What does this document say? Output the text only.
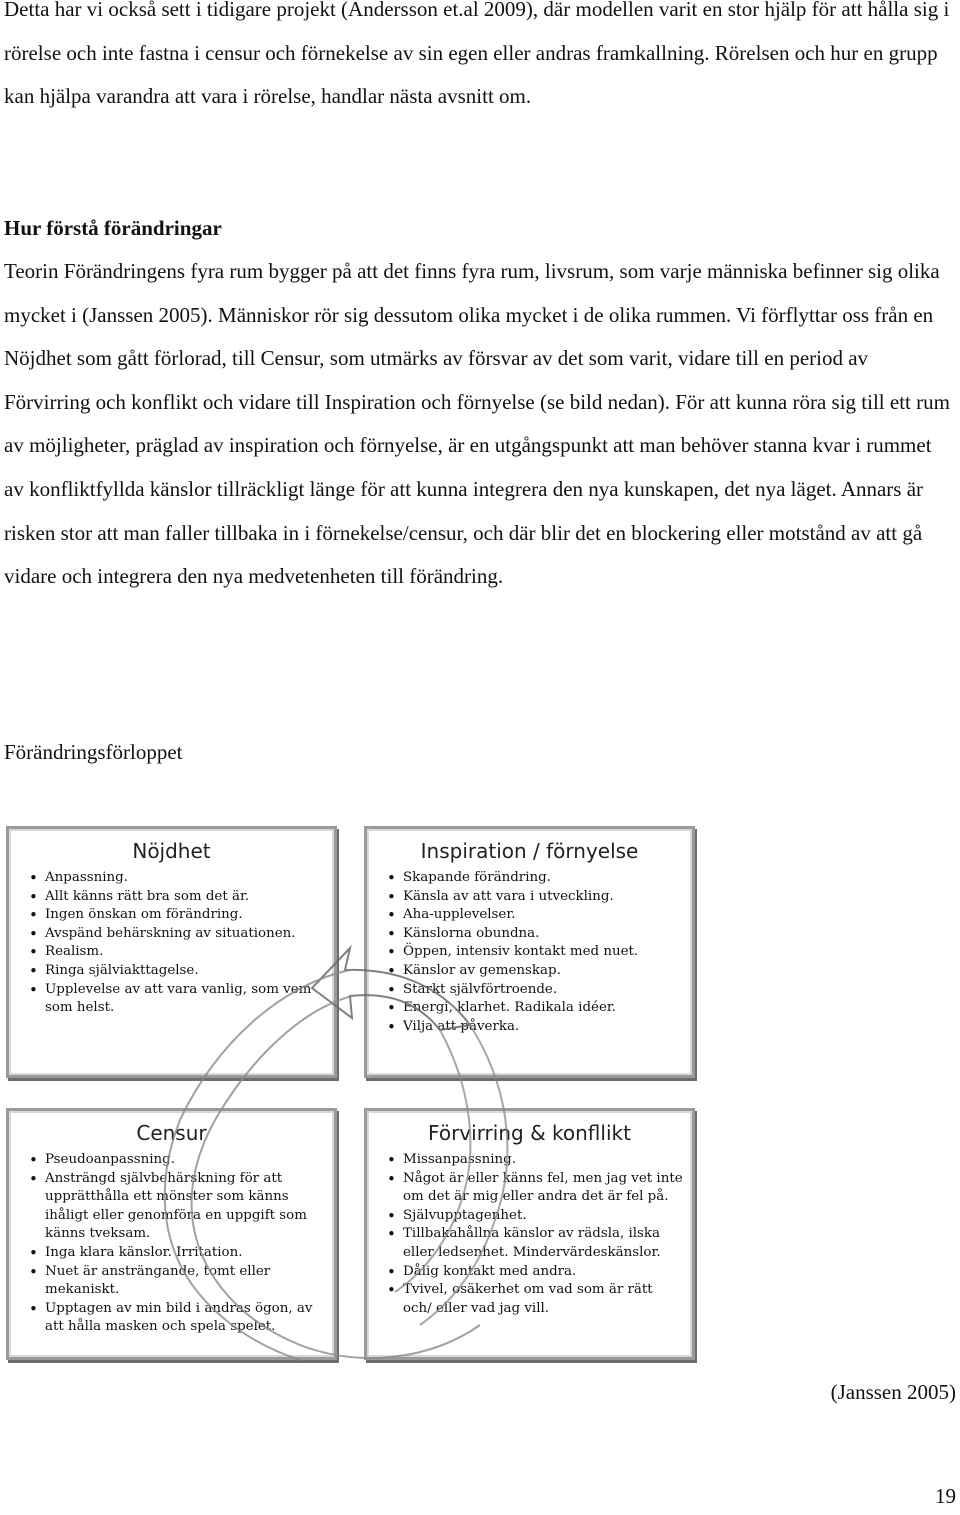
Detta har vi också sett i tidigare projekt (Andersson et.al 2009), där modellen varit en stor hjälp för att hålla sig i rörelse och inte fastna i censur och förnekelse av sin egen eller andras framkallning. Rörelsen och hur en grupp kan hjälpa varandra att vara i rörelse, handlar nästa avsnitt om.

Hur förstå förändringar

Teorin Förändringens fyra rum bygger på att det finns fyra rum, livsrum, som varje människa befinner sig olika mycket i (Janssen 2005). Människor rör sig dessutom olika mycket i de olika rummen. Vi förflyttar oss från en Nöjdhet som gått förlorad, till Censur, som utmärks av försvar av det som varit, vidare till en period av Förvirring och konflikt och vidare till Inspiration och förnyelse (se bild nedan). För att kunna röra sig till ett rum av möjligheter, präglad av inspiration och förnyelse, är en utgångspunkt att man behöver stanna kvar i rummet av konfliktfyllda känslor tillräckligt länge för att kunna integrera den nya kunskapen, det nya läget. Annars är risken stor att man faller tillbaka in i förnekelse/censur, och där blir det en blockering eller motstånd av att gå vidare och integrera den nya medvetenheten till förändring.

Förändringsförloppet

Nöjdhet
• Anpassning.
• Allt känns rätt bra som det är.
• Ingen önskan om förändring.
• Avspänd behärskning av situationen.
• Realism.
• Ringa själviakttagelse.
• Upplevelse av att vara vanlig, som vem som helst.
Inspiration / förnyelse
• Skapande förändring.
• Känsla av att vara i utveckling.
• Aha-upplevelser.
• Känslorna obundna.
• Öppen, intensiv kontakt med nuet.
• Känslor av gemenskap.
• Starkt självförtroende.
• Energi, klarhet. Radikala idéer.
• Vilja att påverka.
Censur
• Pseudoanpassning.
• Ansträngd självbehärskning för att upprätthålla ett mönster som känns ihåligt eller genomföra en uppgift som känns tveksam.
• Inga klara känslor. Irritation.
• Nuet är ansträngande, tomt eller mekaniskt.
• Upptagen av min bild i andras ögon, av att hålla masken och spela spelet.
Förvirring & konfllikt
• Missanpassning.
• Något är eller känns fel, men jag vet inte om det är mig eller andra det är fel på.
• Självupptagenhet.
• Tillbakahållna känslor av rädsla, ilska eller ledsenhet. Mindervärdeskänslor.
• Dålig kontakt med andra.
• Tvivel, osäkerhet om vad som är rätt och/ eller vad jag vill.

(Janssen 2005)

19
